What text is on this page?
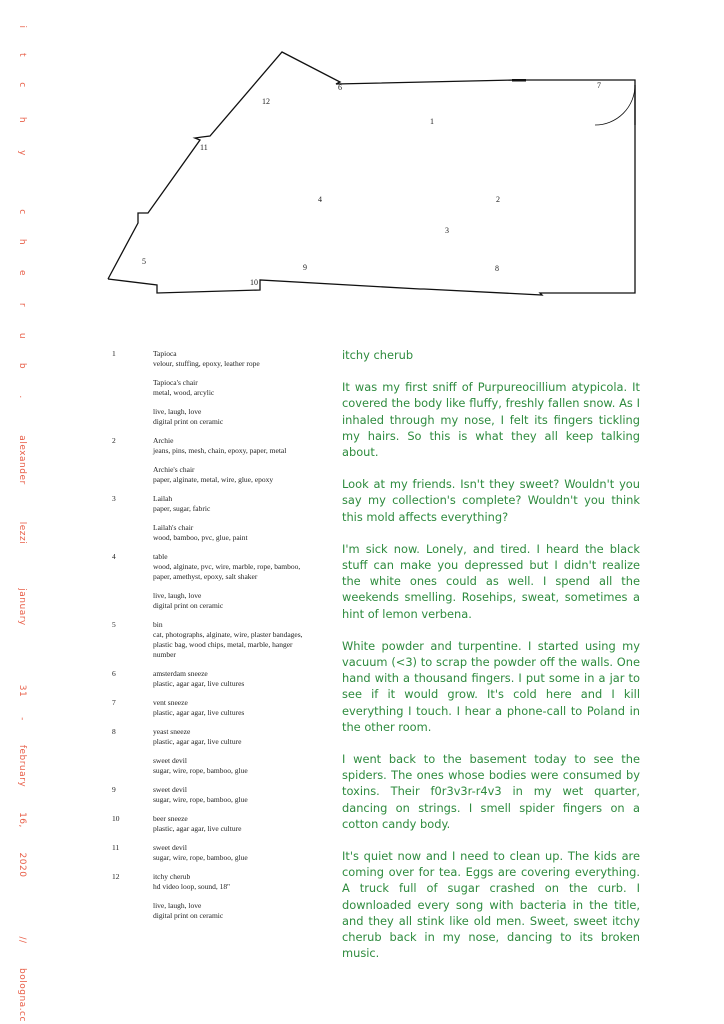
i
t
c
h
y
c
h
e
r
u
b
.
alexander
lezzi
january
31
-
february
16,
2020
//
bologna.cc
1
2
3
4
5
6	7
8
9
10
11
12
1	Tapioca
velour, stuffing, epoxy, leather rope
Tapioca's chair
metal, wood, arcylic
live, laugh, love
digital print on ceramic
2	Archie
jeans, pins, mesh, chain, epoxy, paper, metal
Archie's chair
paper, alginate, metal, wire, glue, epoxy
3	Lailah
paper, sugar, fabric
Lailah's chair
wood, bamboo, pvc, glue, paint
4	table
wood, alginate, pvc, wire, marble, rope, bamboo,
paper, amethyst, epoxy, salt shaker
live, laugh, love
digital print on ceramic
5	bin
cat, photographs, alginate, wire, plaster bandages,
plastic bag, wood chips, metal, marble, hanger
number
6	amsterdam sneeze
plastic, agar agar, live cultures
7	vent sneeze
plastic, agar agar, live cultures
8	yeast sneeze
plastic, agar agar, live culture
sweet devil
sugar, wire, rope, bamboo, glue
9	sweet devil
sugar, wire, rope, bamboo, glue
10	beer sneeze
plastic, agar agar, live culture
11	sweet devil
sugar, wire, rope, bamboo, glue
12	itchy cherub
hd video loop, sound, 18''
live, laugh, love
digital print on ceramic
itchy cherub

It was my first sniff of Purpureocillium atypicola. It covered the body like fluffy, freshly fallen snow. As I inhaled through my nose, I felt its fingers tickling my hairs. So this is what they all keep talking about.

Look at my friends. Isn't they sweet? Wouldn't you say my collection's complete? Wouldn't you think this mold affects everything?

I'm sick now. Lonely, and tired. I heard the black stuff can make you depressed but I didn't realize the white ones could as well. I spend all the weekends smelling. Rosehips, sweat, sometimes a hint of lemon verbena.

White powder and turpentine. I started using my vacuum (<3) to scrap the powder off the walls. One hand with a thousand fingers. I put some in a jar to see if it would grow. It's cold here and I kill everything I touch. I hear a phone-call to Poland in the other room.

I went back to the basement today to see the spiders. The ones whose bodies were consumed by toxins. Their f0r3v3r-r4v3 in my wet quarter, dancing on strings. I smell spider fingers on a cotton candy body.

It's quiet now and I need to clean up. The kids are coming over for tea. Eggs are covering everything. A truck full of sugar crashed on the curb. I downloaded every song with bacteria in the title, and they all stink like old men. Sweet, sweet itchy cherub back in my nose, dancing to its broken music.
